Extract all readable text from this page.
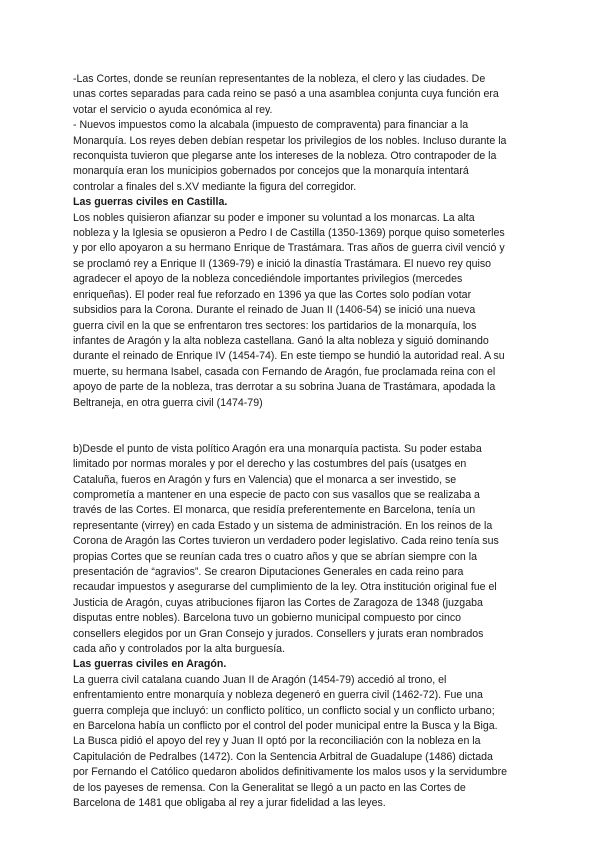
-Las Cortes, donde se reunían representantes de la nobleza, el clero y las ciudades. De
unas cortes separadas para cada reino se pasó a una asamblea conjunta cuya función era
votar el servicio o ayuda económica al rey.
- Nuevos impuestos como la alcabala (impuesto de compraventa) para financiar a la
Monarquía. Los reyes deben debían respetar los privilegios de los nobles. Incluso durante la
reconquista tuvieron que plegarse ante los intereses de la nobleza. Otro contrapoder de la
monarquía eran los municipios gobernados por concejos que la monarquía intentará
controlar a finales del s.XV mediante la figura del corregidor.
Las guerras civiles en Castilla.
Los nobles quisieron afianzar su poder e imponer su voluntad a los monarcas. La alta
nobleza y la Iglesia se opusieron a Pedro I de Castilla (1350-1369) porque quiso someterles
y por ello apoyaron a su hermano Enrique de Trastámara. Tras años de guerra civil venció y
se proclamó rey a Enrique II (1369-79) e inició la dinastía Trastámara. El nuevo rey quiso
agradecer el apoyo de la nobleza concediéndole importantes privilegios (mercedes
enriqueñas). El poder real fue reforzado en 1396 ya que las Cortes solo podían votar
subsidios para la Corona. Durante el reinado de Juan II (1406-54) se inició una nueva
guerra civil en la que se enfrentaron tres sectores: los partidarios de la monarquía, los
infantes de Aragón y la alta nobleza castellana. Ganó la alta nobleza y siguió dominando
durante el reinado de Enrique IV (1454-74). En este tiempo se hundió la autoridad real. A su
muerte, su hermana Isabel, casada con Fernando de Aragón, fue proclamada reina con el
apoyo de parte de la nobleza, tras derrotar a su sobrina Juana de Trastámara, apodada la
Beltraneja, en otra guerra civil (1474-79)
b)Desde el punto de vista político Aragón era una monarquía pactista. Su poder estaba
limitado por normas morales y por el derecho y las costumbres del país (usatges en
Cataluña, fueros en Aragón y furs en Valencia) que el monarca a ser investido, se
comprometía a mantener en una especie de pacto con sus vasallos que se realizaba a
través de las Cortes. El monarca, que residía preferentemente en Barcelona, tenía un
representante (virrey) en cada Estado y un sistema de administración. En los reinos de la
Corona de Aragón las Cortes tuvieron un verdadero poder legislativo. Cada reino tenía sus
propias Cortes que se reunían cada tres o cuatro años y que se abrían siempre con la
presentación de “agravios”. Se crearon Diputaciones Generales en cada reino para
recaudar impuestos y asegurarse del cumplimiento de la ley. Otra institución original fue el
Justicia de Aragón, cuyas atribuciones fijaron las Cortes de Zaragoza de 1348 (juzgaba
disputas entre nobles). Barcelona tuvo un gobierno municipal compuesto por cinco
consellers elegidos por un Gran Consejo y jurados. Consellers y jurats eran nombrados
cada año y controlados por la alta burguesía.
Las guerras civiles en Aragón.
La guerra civil catalana cuando Juan II de Aragón (1454-79) accedió al trono, el
enfrentamiento entre monarquía y nobleza degeneró en guerra civil (1462-72). Fue una
guerra compleja que incluyó: un conflicto político, un conflicto social y un conflicto urbano;
en Barcelona había un conflicto por el control del poder municipal entre la Busca y la Biga.
La Busca pidió el apoyo del rey y Juan II optó por la reconciliación con la nobleza en la
Capitulación de Pedralbes (1472). Con la Sentencia Arbitral de Guadalupe (1486) dictada
por Fernando el Católico quedaron abolidos definitivamente los malos usos y la servidumbre
de los payeses de remensa. Con la Generalitat se llegó a un pacto en las Cortes de
Barcelona de 1481 que obligaba al rey a jurar fidelidad a las leyes.
